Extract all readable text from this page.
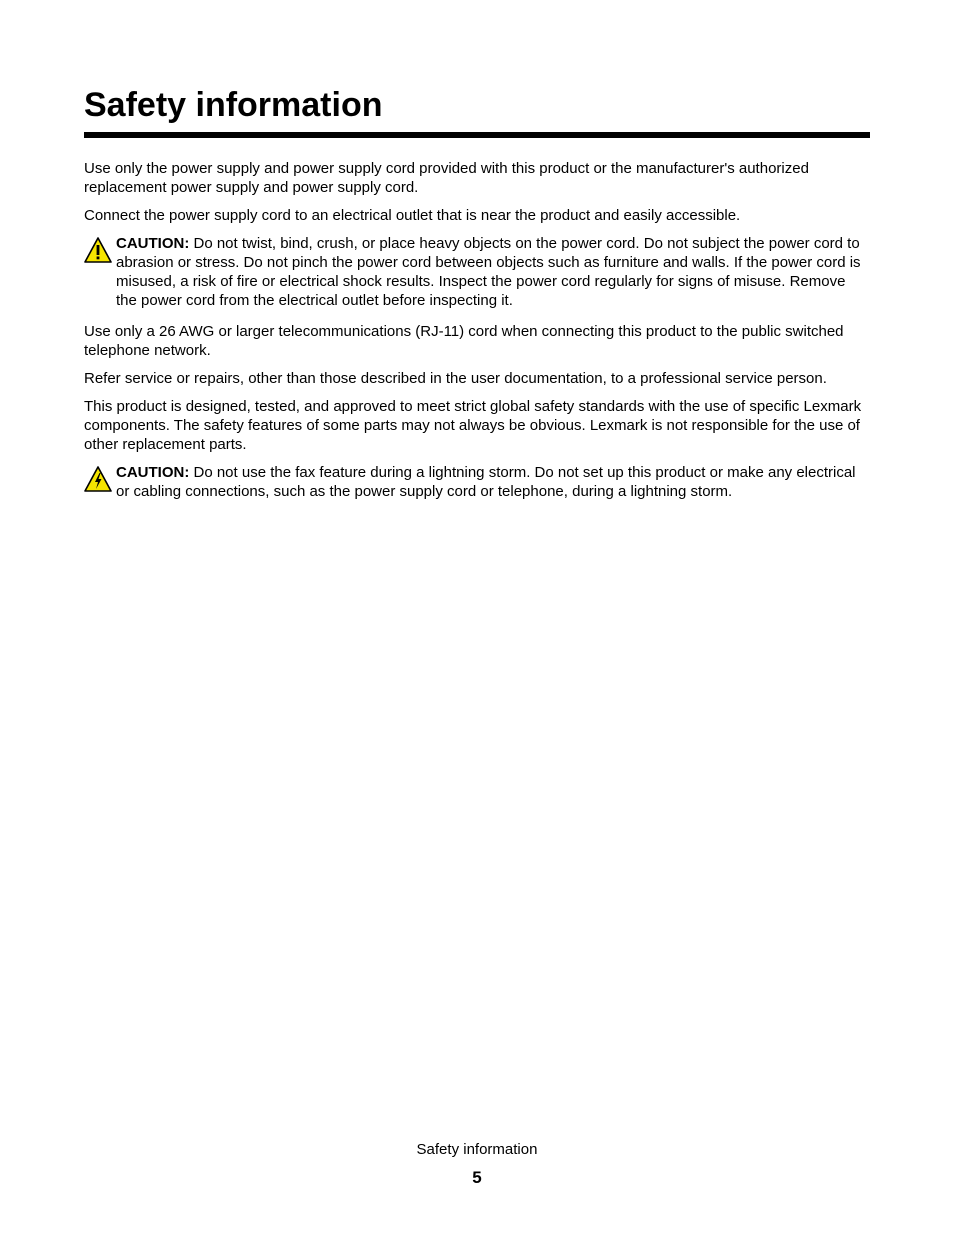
Safety information

Use only the power supply and power supply cord provided with this product or the manufacturer's authorized replacement power supply and power supply cord.

Connect the power supply cord to an electrical outlet that is near the product and easily accessible.

CAUTION: Do not twist, bind, crush, or place heavy objects on the power cord. Do not subject the power cord to abrasion or stress. Do not pinch the power cord between objects such as furniture and walls. If the power cord is misused, a risk of fire or electrical shock results. Inspect the power cord regularly for signs of misuse. Remove the power cord from the electrical outlet before inspecting it.

Use only a 26 AWG or larger telecommunications (RJ-11) cord when connecting this product to the public switched telephone network.

Refer service or repairs, other than those described in the user documentation, to a professional service person.

This product is designed, tested, and approved to meet strict global safety standards with the use of specific Lexmark components. The safety features of some parts may not always be obvious. Lexmark is not responsible for the use of other replacement parts.

CAUTION: Do not use the fax feature during a lightning storm. Do not set up this product or make any electrical or cabling connections, such as the power supply cord or telephone, during a lightning storm.
Safety information
5
